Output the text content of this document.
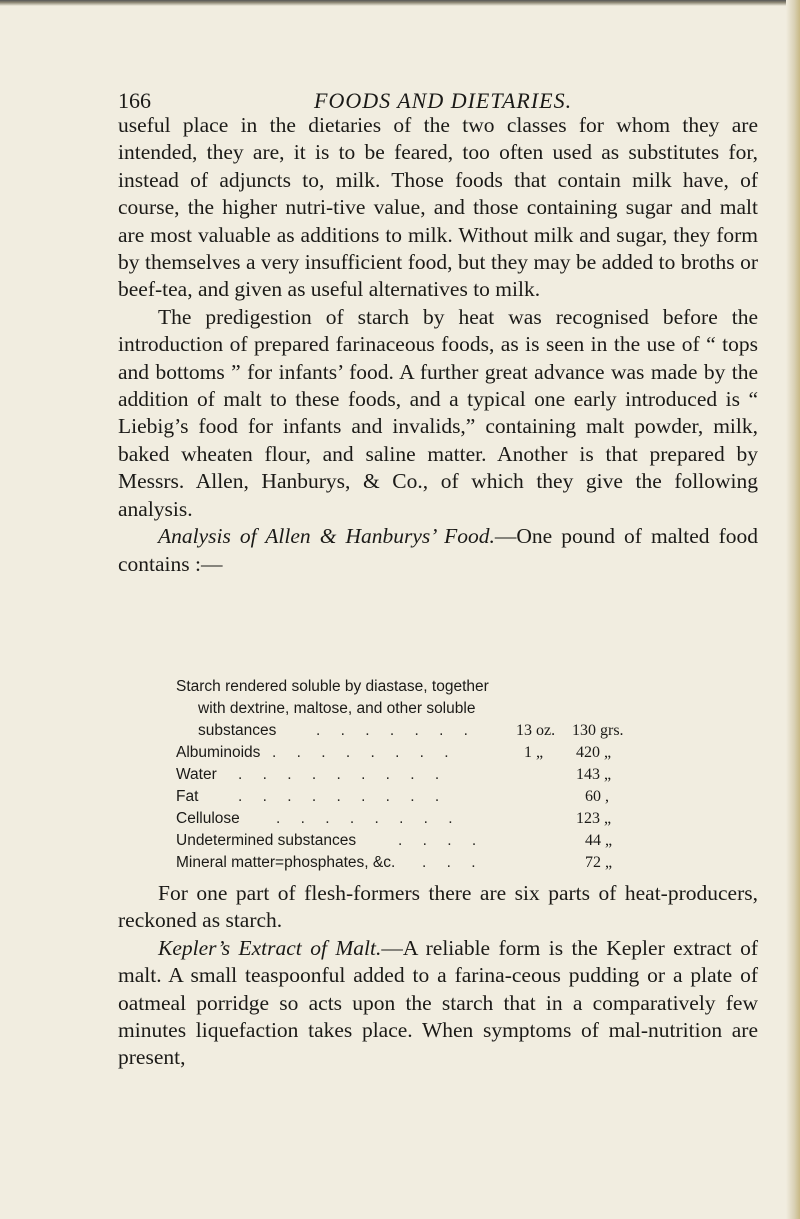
166	FOODS AND DIETARIES.

useful place in the dietaries of the two classes for whom they are intended, they are, it is to be feared, too often used as substitutes for, instead of adjuncts to, milk. Those foods that contain milk have, of course, the higher nutri-tive value, and those containing sugar and malt are most valuable as additions to milk. Without milk and sugar, they form by themselves a very insufficient food, but they may be added to broths or beef-tea, and given as useful alternatives to milk.

The predigestion of starch by heat was recognised before the introduction of prepared farinaceous foods, as is seen in the use of “ tops and bottoms ” for infants’ food. A further great advance was made by the addition of malt to these foods, and a typical one early introduced is “ Liebig’s food for infants and invalids,” containing malt powder, milk, baked wheaten flour, and saline matter. Another is that prepared by Messrs. Allen, Hanburys, & Co., of which they give the following analysis.

Analysis of Allen & Hanburys’ Food.—One pound of malted food contains :—

Starch rendered soluble by diastase, together
with dextrine, maltose, and other soluble
substances	. . . . . . .	13 oz.	130 grs.
Albuminoids . . . . . . . .	1 „	420 „
Water . . . . . . . . .	143 „
Fat	. . . . . . . . .	60 ,
Cellulose . . . . . . . .	123 „
Undetermined substances	. . . .	44 „
Mineral matter=phosphates, &c. . . .	72 „

For one part of flesh-formers there are six parts of heat-producers, reckoned as starch.

Kepler’s Extract of Malt.—A reliable form is the Kepler extract of malt. A small teaspoonful added to a farina-ceous pudding or a plate of oatmeal porridge so acts upon the starch that in a comparatively few minutes liquefaction takes place. When symptoms of mal-nutrition are present,
